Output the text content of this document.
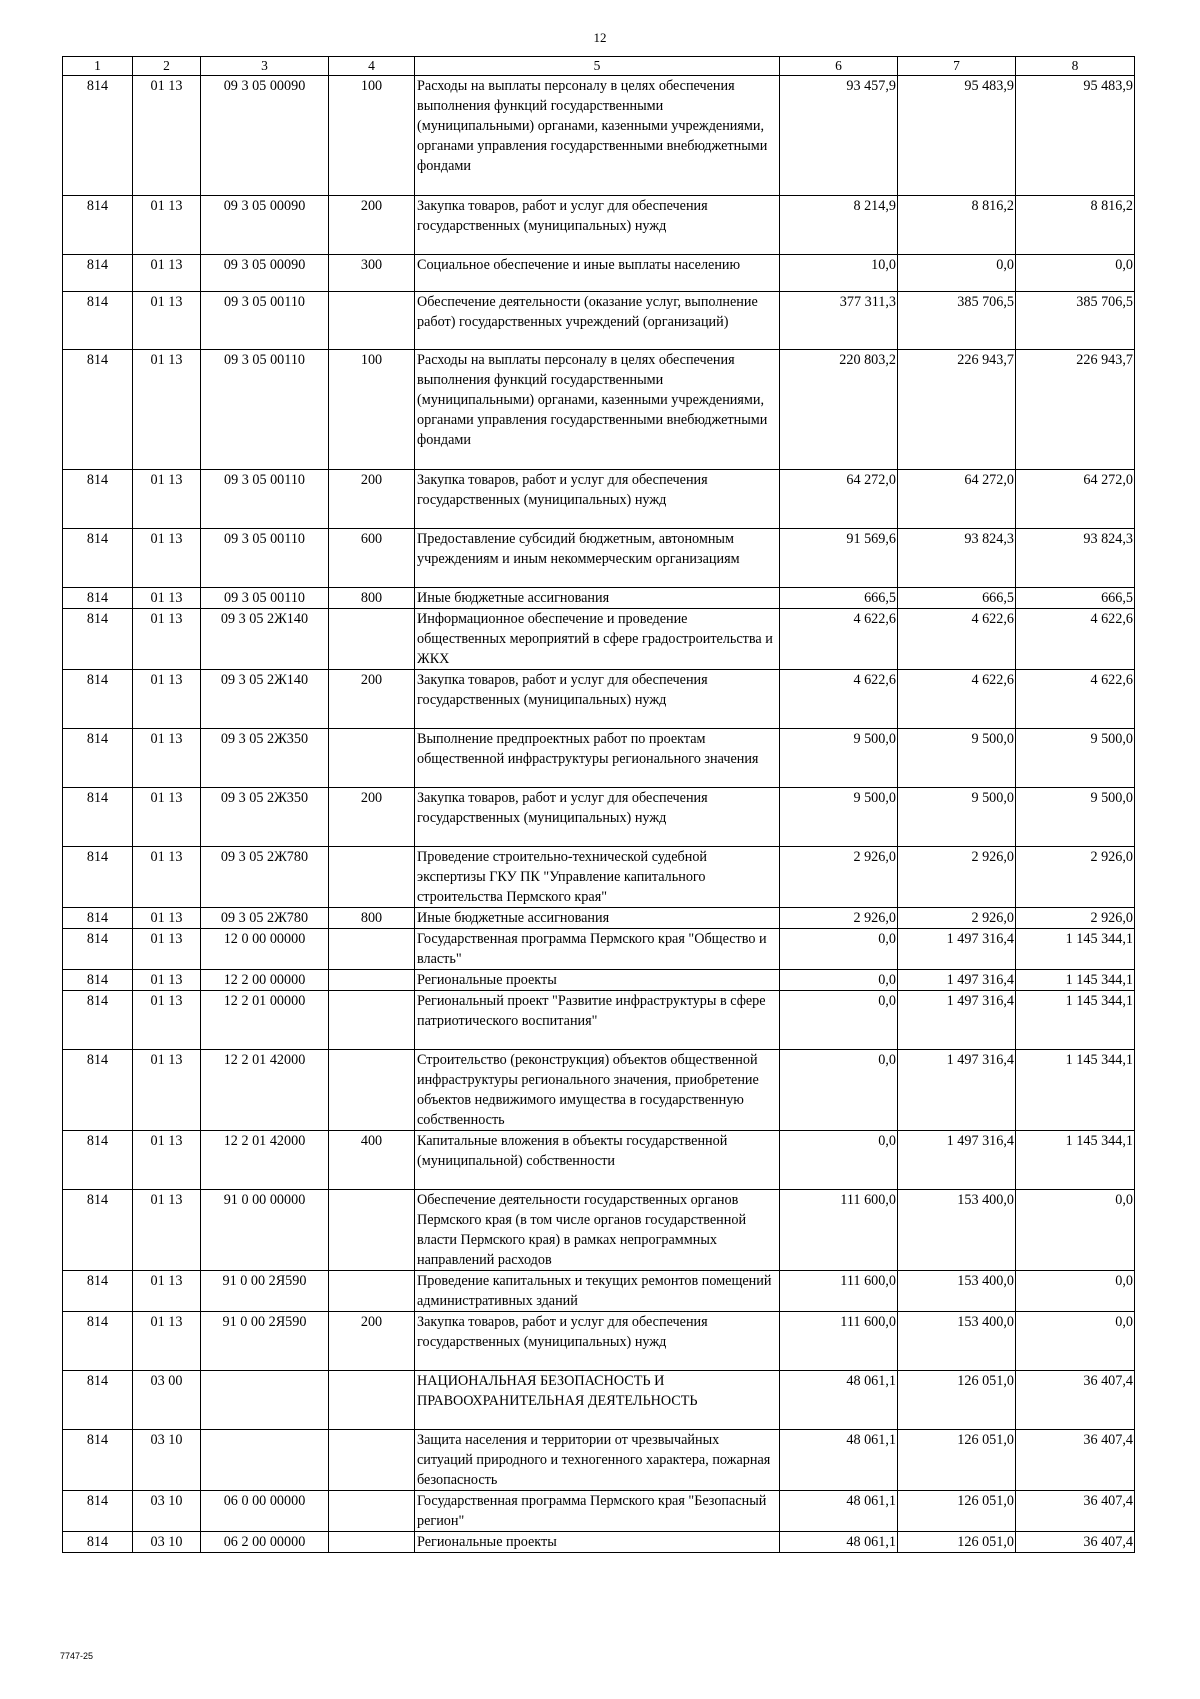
12
1	2	3	4	5	6	7	8
814	01 13	09 3 05 00090	100	Расходы на выплаты персоналу в целях обеспечения выполнения функций государственными (муниципальными) органами, казенными учреждениями, органами управления государственными внебюджетными фондами	93 457,9	95 483,9	95 483,9
814	01 13	09 3 05 00090	200	Закупка товаров, работ и услуг для обеспечения государственных (муниципальных) нужд	8 214,9	8 816,2	8 816,2
814	01 13	09 3 05 00090	300	Социальное обеспечение и иные выплаты населению	10,0	0,0	0,0
814	01 13	09 3 05 00110		Обеспечение деятельности (оказание услуг, выполнение работ) государственных учреждений (организаций)	377 311,3	385 706,5	385 706,5
814	01 13	09 3 05 00110	100	Расходы на выплаты персоналу в целях обеспечения выполнения функций государственными (муниципальными) органами, казенными учреждениями, органами управления государственными внебюджетными фондами	220 803,2	226 943,7	226 943,7
814	01 13	09 3 05 00110	200	Закупка товаров, работ и услуг для обеспечения государственных (муниципальных) нужд	64 272,0	64 272,0	64 272,0
814	01 13	09 3 05 00110	600	Предоставление субсидий бюджетным, автономным учреждениям и иным некоммерческим организациям	91 569,6	93 824,3	93 824,3
814	01 13	09 3 05 00110	800	Иные бюджетные ассигнования	666,5	666,5	666,5
814	01 13	09 3 05 2Ж140		Информационное обеспечение и проведение общественных мероприятий в сфере градостроительства и ЖКХ	4 622,6	4 622,6	4 622,6
814	01 13	09 3 05 2Ж140	200	Закупка товаров, работ и услуг для обеспечения государственных (муниципальных) нужд	4 622,6	4 622,6	4 622,6
814	01 13	09 3 05 2Ж350		Выполнение предпроектных работ по проектам общественной инфраструктуры регионального значения	9 500,0	9 500,0	9 500,0
814	01 13	09 3 05 2Ж350	200	Закупка товаров, работ и услуг для обеспечения государственных (муниципальных) нужд	9 500,0	9 500,0	9 500,0
814	01 13	09 3 05 2Ж780		Проведение строительно-технической судебной экспертизы ГКУ ПК "Управление капитального строительства Пермского края"	2 926,0	2 926,0	2 926,0
814	01 13	09 3 05 2Ж780	800	Иные бюджетные ассигнования	2 926,0	2 926,0	2 926,0
814	01 13	12 0 00 00000		Государственная программа Пермского края "Общество и власть"	0,0	1 497 316,4	1 145 344,1
814	01 13	12 2 00 00000		Региональные проекты	0,0	1 497 316,4	1 145 344,1
814	01 13	12 2 01 00000		Региональный проект "Развитие инфраструктуры в сфере патриотического воспитания"	0,0	1 497 316,4	1 145 344,1
814	01 13	12 2 01 42000		Строительство (реконструкция) объектов общественной инфраструктуры регионального значения, приобретение объектов недвижимого имущества в государственную собственность	0,0	1 497 316,4	1 145 344,1
814	01 13	12 2 01 42000	400	Капитальные вложения в объекты государственной (муниципальной) собственности	0,0	1 497 316,4	1 145 344,1
814	01 13	91 0 00 00000		Обеспечение деятельности государственных органов Пермского края (в том числе органов государственной власти Пермского края) в рамках непрограммных направлений расходов	111 600,0	153 400,0	0,0
814	01 13	91 0 00 2Я590		Проведение капитальных и текущих ремонтов помещений административных зданий	111 600,0	153 400,0	0,0
814	01 13	91 0 00 2Я590	200	Закупка товаров, работ и услуг для обеспечения государственных (муниципальных) нужд	111 600,0	153 400,0	0,0
814	03 00			НАЦИОНАЛЬНАЯ БЕЗОПАСНОСТЬ И ПРАВООХРАНИТЕЛЬНАЯ ДЕЯТЕЛЬНОСТЬ	48 061,1	126 051,0	36 407,4
814	03 10			Защита населения и территории от чрезвычайных ситуаций природного и техногенного характера, пожарная безопасность	48 061,1	126 051,0	36 407,4
814	03 10	06 0 00 00000		Государственная программа Пермского края "Безопасный регион"	48 061,1	126 051,0	36 407,4
814	03 10	06 2 00 00000		Региональные проекты	48 061,1	126 051,0	36 407,4
7747-25
